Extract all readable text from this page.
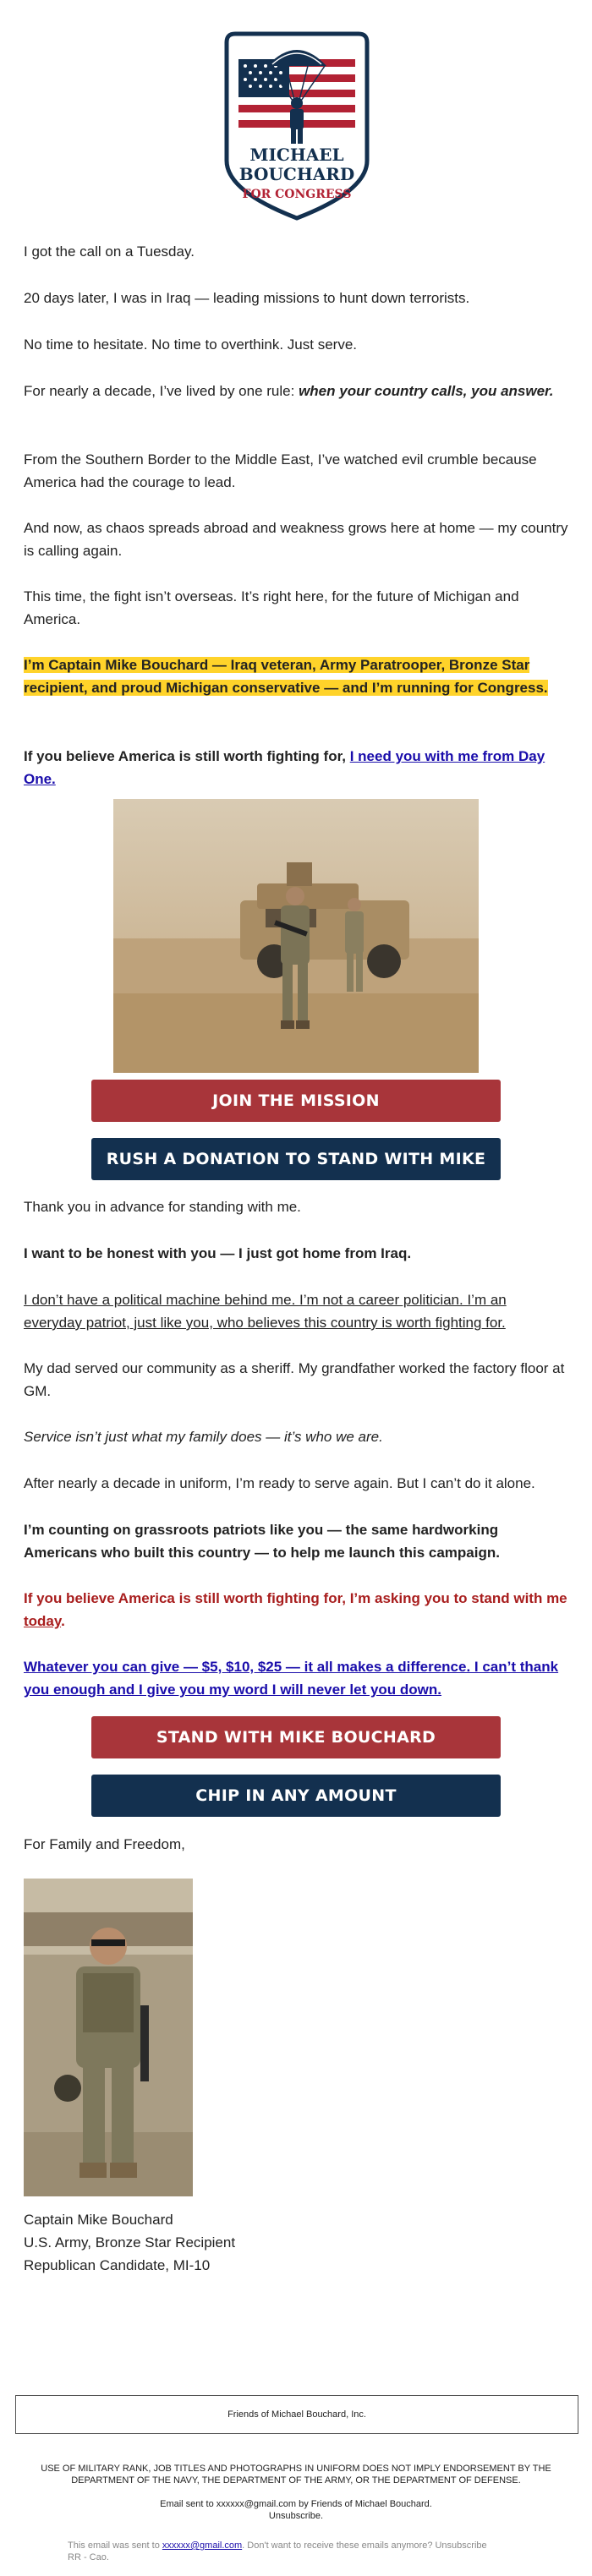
MICHAEL
BOUCHARD
FOR CONGRESS

I got the call on a Tuesday.

20 days later, I was in Iraq — leading missions to hunt down terrorists.

No time to hesitate. No time to overthink. Just serve.

For nearly a decade, I’ve lived by one rule: when your country calls, you answer.

From the Southern Border to the Middle East, I’ve watched evil crumble because America had the courage to lead.

And now, as chaos spreads abroad and weakness grows here at home — my country is calling again.

This time, the fight isn’t overseas. It’s right here, for the future of Michigan and America.

I’m Captain Mike Bouchard — Iraq veteran, Army Paratrooper, Bronze Star recipient, and proud Michigan conservative — and I’m running for Congress.

If you believe America is still worth fighting for, I need you with me from Day One.

JOIN THE MISSION
RUSH A DONATION TO STAND WITH MIKE

Thank you in advance for standing with me.

I want to be honest with you — I just got home from Iraq.

I don’t have a political machine behind me. I’m not a career politician. I’m an everyday patriot, just like you, who believes this country is worth fighting for.

My dad served our community as a sheriff. My grandfather worked the factory floor at GM.

Service isn’t just what my family does — it’s who we are.

After nearly a decade in uniform, I’m ready to serve again. But I can’t do it alone.

I’m counting on grassroots patriots like you — the same hardworking Americans who built this country — to help me launch this campaign.

If you believe America is still worth fighting for, I’m asking you to stand with me today.

Whatever you can give — $5, $10, $25 — it all makes a difference. I can’t thank you enough and I give you my word I will never let you down.

STAND WITH MIKE BOUCHARD
CHIP IN ANY AMOUNT

For Family and Freedom,

Captain Mike Bouchard

U.S. Army, Bronze Star Recipient

Republican Candidate, MI-10

Friends of Michael Bouchard, Inc.

USE OF MILITARY RANK, JOB TITLES AND PHOTOGRAPHS IN UNIFORM DOES NOT IMPLY ENDORSEMENT BY THE DEPARTMENT OF THE NAVY, THE DEPARTMENT OF THE ARMY, OR THE DEPARTMENT OF DEFENSE.

Email sent to xxxxxx@gmail.com by Friends of Michael Bouchard.

Unsubscribe.

This email was sent to xxxxxx@gmail.com. Don't want to receive these emails anymore? Unsubscribe

RR - Cao.
